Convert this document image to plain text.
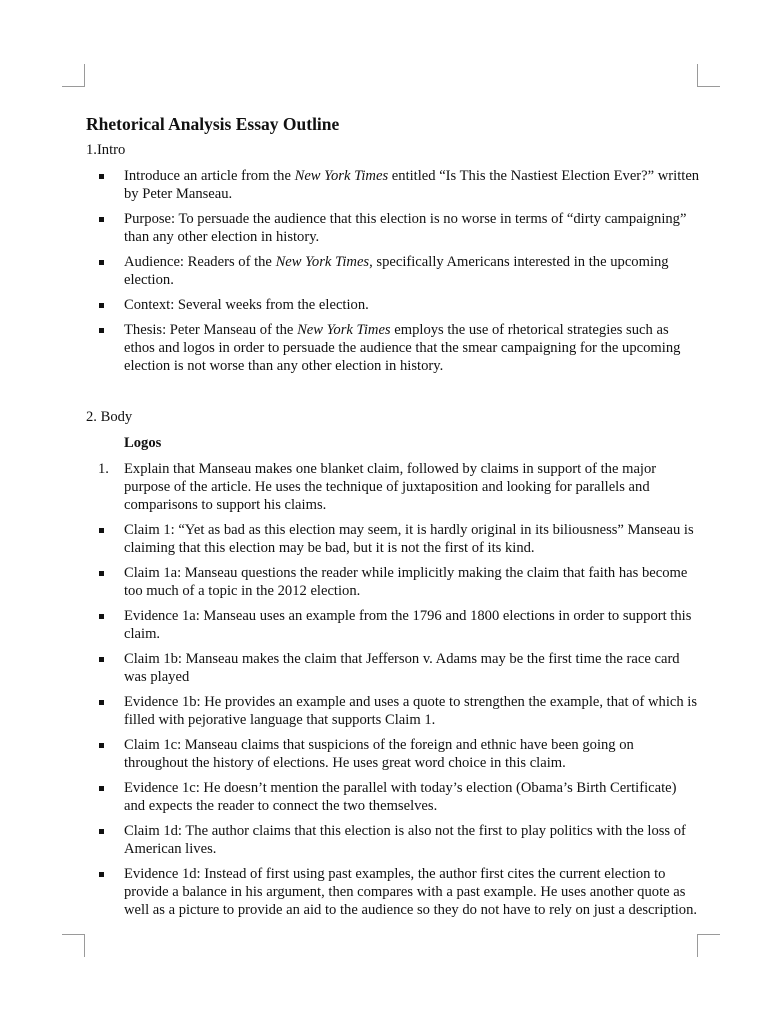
Rhetorical Analysis Essay Outline
1.Intro
Introduce an article from the New York Times entitled “Is This the Nastiest Election Ever?” written by Peter Manseau.
Purpose: To persuade the audience that this election is no worse in terms of “dirty campaigning” than any other election in history.
Audience: Readers of the New York Times, specifically Americans interested in the upcoming election.
Context: Several weeks from the election.
Thesis: Peter Manseau of the New York Times employs the use of rhetorical strategies such as ethos and logos in order to persuade the audience that the smear campaigning for the upcoming election is not worse than any other election in history.
2. Body
Logos
1. Explain that Manseau makes one blanket claim, followed by claims in support of the major purpose of the article. He uses the technique of juxtaposition and looking for parallels and comparisons to support his claims.
Claim 1: “Yet as bad as this election may seem, it is hardly original in its biliousness” Manseau is claiming that this election may be bad, but it is not the first of its kind.
Claim 1a: Manseau questions the reader while implicitly making the claim that faith has become too much of a topic in the 2012 election.
Evidence 1a: Manseau uses an example from the 1796 and 1800 elections in order to support this claim.
Claim 1b: Manseau makes the claim that Jefferson v. Adams may be the first time the race card was played
Evidence 1b: He provides an example and uses a quote to strengthen the example, that of which is filled with pejorative language that supports Claim 1.
Claim 1c: Manseau claims that suspicions of the foreign and ethnic have been going on throughout the history of elections. He uses great word choice in this claim.
Evidence 1c: He doesn’t mention the parallel with today’s election (Obama’s Birth Certificate) and expects the reader to connect the two themselves.
Claim 1d: The author claims that this election is also not the first to play politics with the loss of American lives.
Evidence 1d: Instead of first using past examples, the author first cites the current election to provide a balance in his argument, then compares with a past example. He uses another quote as well as a picture to provide an aid to the audience so they do not have to rely on just a description.
